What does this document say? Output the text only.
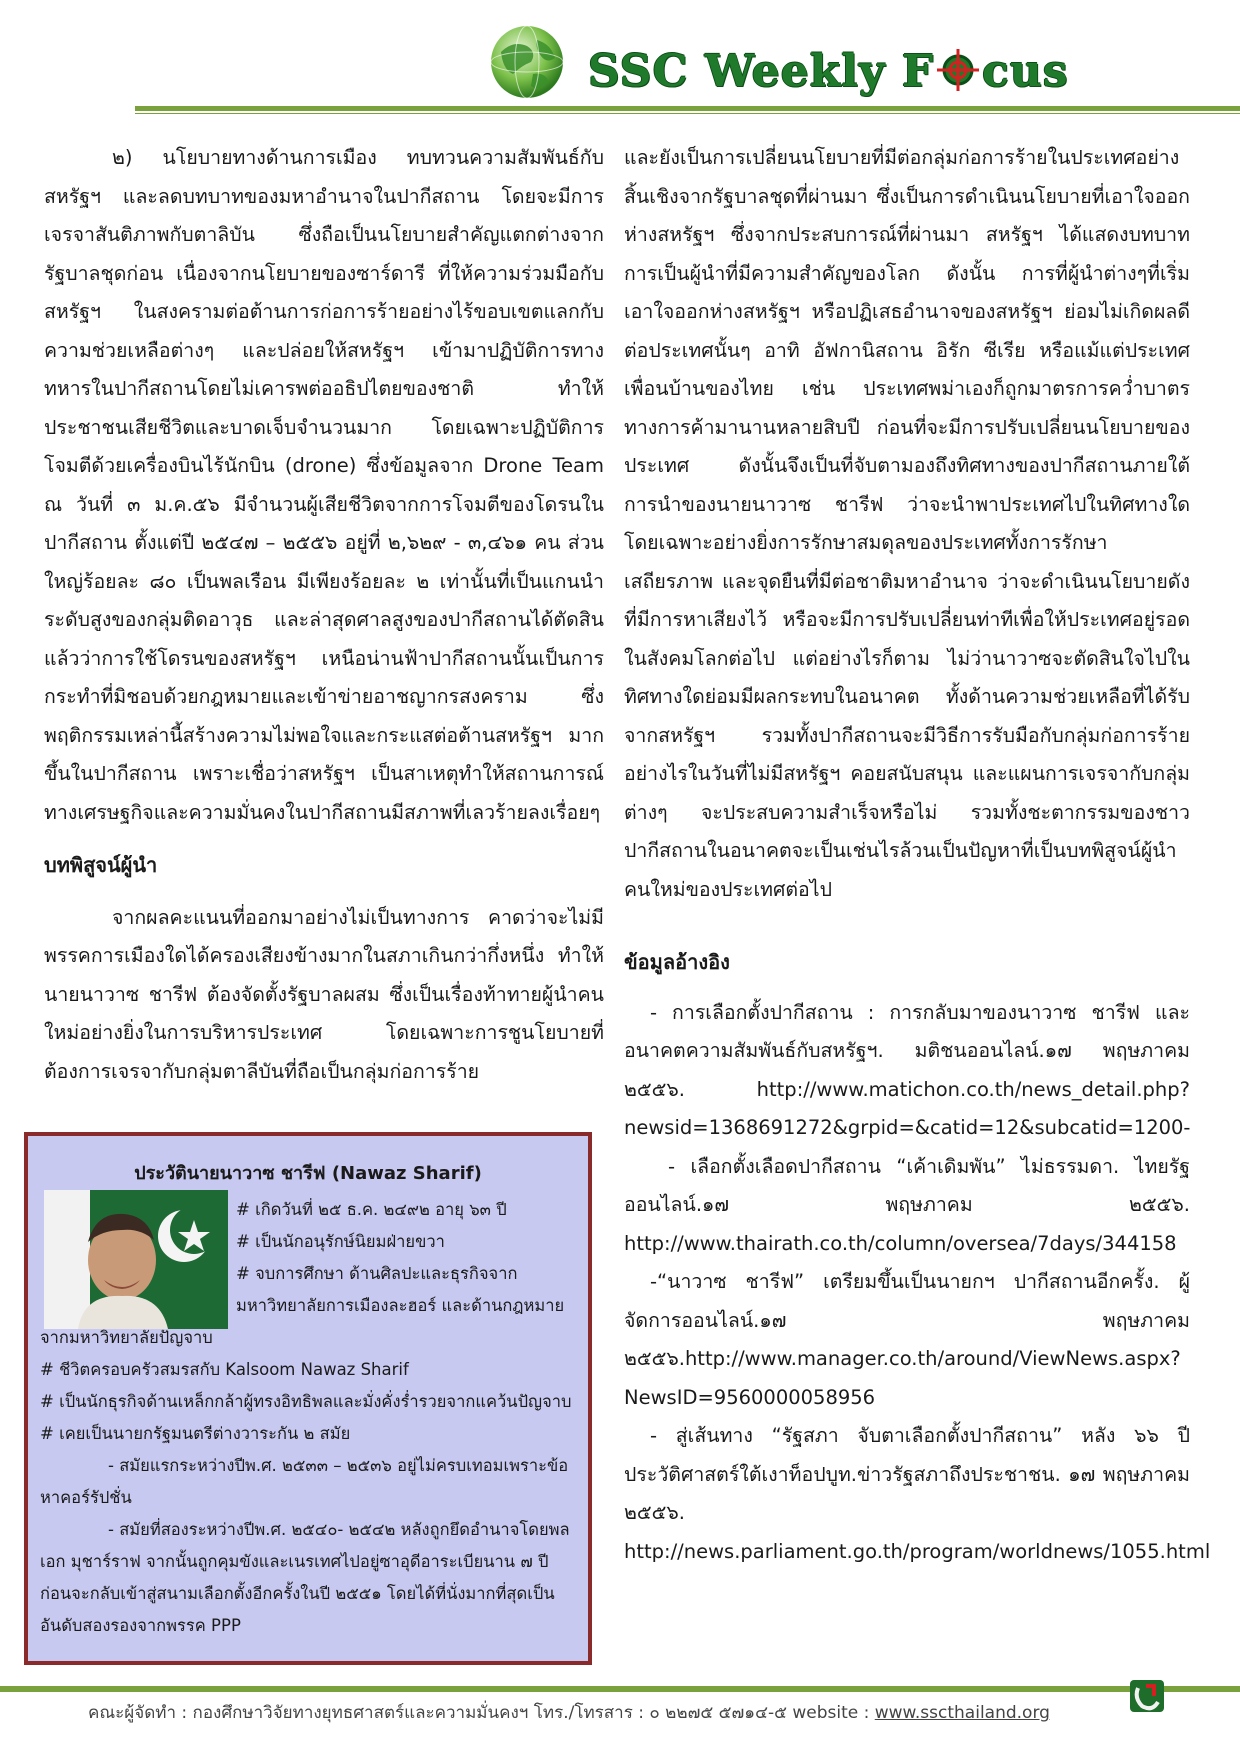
SSC Weekly F cus

๒) นโยบายทางด้านการเมือง ทบทวนความสัมพันธ์กับสหรัฐฯ และลดบทบาทของมหาอำนาจในปากีสถาน โดยจะมีการเจรจาสันติภาพกับตาลิบัน ซึ่งถือเป็นนโยบายสำคัญแตกต่างจากรัฐบาลชุดก่อน เนื่องจากนโยบายของซาร์ดารี ที่ให้ความร่วมมือกับสหรัฐฯ ในสงครามต่อต้านการก่อการร้ายอย่างไร้ขอบเขตแลกกับความช่วยเหลือต่างๆ และปล่อยให้สหรัฐฯ เข้ามาปฏิบัติการทางทหารในปากีสถานโดยไม่เคารพต่ออธิปไตยของชาติ ทำให้ประชาชนเสียชีวิตและบาดเจ็บจำนวนมาก โดยเฉพาะปฏิบัติการโจมตีด้วยเครื่องบินไร้นักบิน (drone) ซึ่งข้อมูลจาก Drone Team ณ วันที่ ๓ ม.ค.๕๖ มีจำนวนผู้เสียชีวิตจากการโจมตีของโดรนในปากีสถาน ตั้งแต่ปี ๒๕๔๗ – ๒๕๕๖ อยู่ที่ ๒,๖๒๙ - ๓,๔๖๑ คน ส่วนใหญ่ร้อยละ ๘๐ เป็นพลเรือน มีเพียงร้อยละ ๒ เท่านั้นที่เป็นแกนนำระดับสูงของกลุ่มติดอาวุธ และล่าสุดศาลสูงของปากีสถานได้ตัดสินแล้วว่าการใช้โดรนของสหรัฐฯ เหนือน่านฟ้าปากีสถานนั้นเป็นการกระทำที่มิชอบด้วยกฎหมายและเข้าข่ายอาชญากรสงคราม ซึ่งพฤติกรรมเหล่านี้สร้างความไม่พอใจและกระแสต่อต้านสหรัฐฯ มากขึ้นในปากีสถาน เพราะเชื่อว่าสหรัฐฯ เป็นสาเหตุทำให้สถานการณ์ทางเศรษฐกิจและความมั่นคงในปากีสถานมีสภาพที่เลวร้ายลงเรื่อยๆ

บทพิสูจน์ผู้นำ

จากผลคะแนนที่ออกมาอย่างไม่เป็นทางการ คาดว่าจะไม่มีพรรคการเมืองใดได้ครองเสียงข้างมากในสภาเกินกว่ากึ่งหนึ่ง ทำให้นายนาวาซ ชารีฟ ต้องจัดตั้งรัฐบาลผสม ซึ่งเป็นเรื่องท้าทายผู้นำคนใหม่อย่างยิ่งในการบริหารประเทศ โดยเฉพาะการชูนโยบายที่ต้องการเจรจากับกลุ่มตาลีบันที่ถือเป็นกลุ่มก่อการร้าย

และยังเป็นการเปลี่ยนนโยบายที่มีต่อกลุ่มก่อการร้ายในประเทศอย่างสิ้นเชิงจากรัฐบาลชุดที่ผ่านมา ซึ่งเป็นการดำเนินนโยบายที่เอาใจออกห่างสหรัฐฯ ซึ่งจากประสบการณ์ที่ผ่านมา สหรัฐฯ ได้แสดงบทบาทการเป็นผู้นำที่มีความสำคัญของโลก ดังนั้น การที่ผู้นำต่างๆที่เริ่มเอาใจออกห่างสหรัฐฯ หรือปฏิเสธอำนาจของสหรัฐฯ ย่อมไม่เกิดผลดีต่อประเทศนั้นๆ อาทิ อัฟกานิสถาน อิรัก ซีเรีย หรือแม้แต่ประเทศเพื่อนบ้านของไทย เช่น ประเทศพม่าเองก็ถูกมาตรการคว่ำบาตรทางการค้ามานานหลายสิบปี ก่อนที่จะมีการปรับเปลี่ยนนโยบายของประเทศ ดังนั้นจึงเป็นที่จับตามองถึงทิศทางของปากีสถานภายใต้การนำของนายนาวาซ ชารีฟ ว่าจะนำพาประเทศไปในทิศทางใด โดยเฉพาะอย่างยิ่งการรักษาสมดุลของประเทศทั้งการรักษาเสถียรภาพ และจุดยืนที่มีต่อชาติมหาอำนาจ ว่าจะดำเนินนโยบายดังที่มีการหาเสียงไว้ หรือจะมีการปรับเปลี่ยนท่าทีเพื่อให้ประเทศอยู่รอดในสังคมโลกต่อไป แต่อย่างไรก็ตาม ไม่ว่านาวาซจะตัดสินใจไปในทิศทางใดย่อมมีผลกระทบในอนาคต ทั้งด้านความช่วยเหลือที่ได้รับจากสหรัฐฯ รวมทั้งปากีสถานจะมีวิธีการรับมือกับกลุ่มก่อการร้ายอย่างไรในวันที่ไม่มีสหรัฐฯ คอยสนับสนุน และแผนการเจรจากับกลุ่มต่างๆ จะประสบความสำเร็จหรือไม่ รวมทั้งชะตากรรมของชาวปากีสถานในอนาคตจะเป็นเช่นไรล้วนเป็นปัญหาที่เป็นบทพิสูจน์ผู้นำคนใหม่ของประเทศต่อไป

ข้อมูลอ้างอิง

- การเลือกตั้งปากีสถาน : การกลับมาของนาวาซ ชารีฟ และอนาคตความสัมพันธ์กับสหรัฐฯ. มติชนออนไลน์.๑๗ พฤษภาคม ๒๕๕๖. http://www.matichon.co.th/news_detail.php?newsid=1368691272&grpid=&catid=12&subcatid=1200-

- เลือกตั้งเลือดปากีสถาน “เค้าเดิมพัน” ไม่ธรรมดา. ไทยรัฐออนไลน์.๑๗ พฤษภาคม ๒๕๕๖. http://www.thairath.co.th/column/oversea/7days/344158

-“นาวาซ ชารีฟ” เตรียมขึ้นเป็นนายกฯ ปากีสถานอีกครั้ง. ผู้จัดการออนไลน์.๑๗ พฤษภาคม ๒๕๕๖.http://www.manager.co.th/around/ViewNews.aspx?NewsID=9560000058956

- สู่เส้นทาง “รัฐสภา จับตาเลือกตั้งปากีสถาน” หลัง ๖๖ ปี ประวัติศาสตร์ใต้เงาท็อปบูท.ข่าวรัฐสภาถึงประชาชน. ๑๗ พฤษภาคม ๒๕๕๖. http://news.parliament.go.th/program/worldnews/1055.html

ประวัตินายนาวาซ ชารีฟ (Nawaz Sharif)

# เกิดวันที่ ๒๕ ธ.ค. ๒๔๙๒ อายุ ๖๓ ปี

# เป็นนักอนุรักษ์นิยมฝ่ายขวา

# จบการศึกษา ด้านศิลปะและธุรกิจจาก

มหาวิทยาลัยการเมืองละฮอร์ และด้านกฎหมาย

จากมหาวิทยาลัยปัญจาบ

# ชีวิตครอบครัวสมรสกับ Kalsoom Nawaz Sharif

# เป็นนักธุรกิจด้านเหล็กกล้าผู้ทรงอิทธิพลและมั่งคั่งร่ำรวยจากแคว้นปัญจาบ

# เคยเป็นนายกรัฐมนตรีต่างวาระกัน ๒ สมัย

- สมัยแรกระหว่างปีพ.ศ. ๒๕๓๓ – ๒๕๓๖ อยู่ไม่ครบเทอมเพราะข้อหาคอร์รัปชั่น

- สมัยที่สองระหว่างปีพ.ศ. ๒๕๔๐- ๒๕๔๒ หลังถูกยึดอำนาจโดยพลเอก มุชาร์ราฟ จากนั้นถูกคุมขังและเนรเทศไปอยู่ซาอุดีอาระเบียนาน ๗ ปี ก่อนจะกลับเข้าสู่สนามเลือกตั้งอีกครั้งในปี ๒๕๕๑ โดยได้ที่นั่งมากที่สุดเป็นอันดับสองรองจากพรรค PPP

คณะผู้จัดทำ : กองศึกษาวิจัยทางยุทธศาสตร์และความมั่นคงฯ โทร./โทรสาร : ๐ ๒๒๗๕ ๕๗๑๔-๕ website : www.sscthailand.org
